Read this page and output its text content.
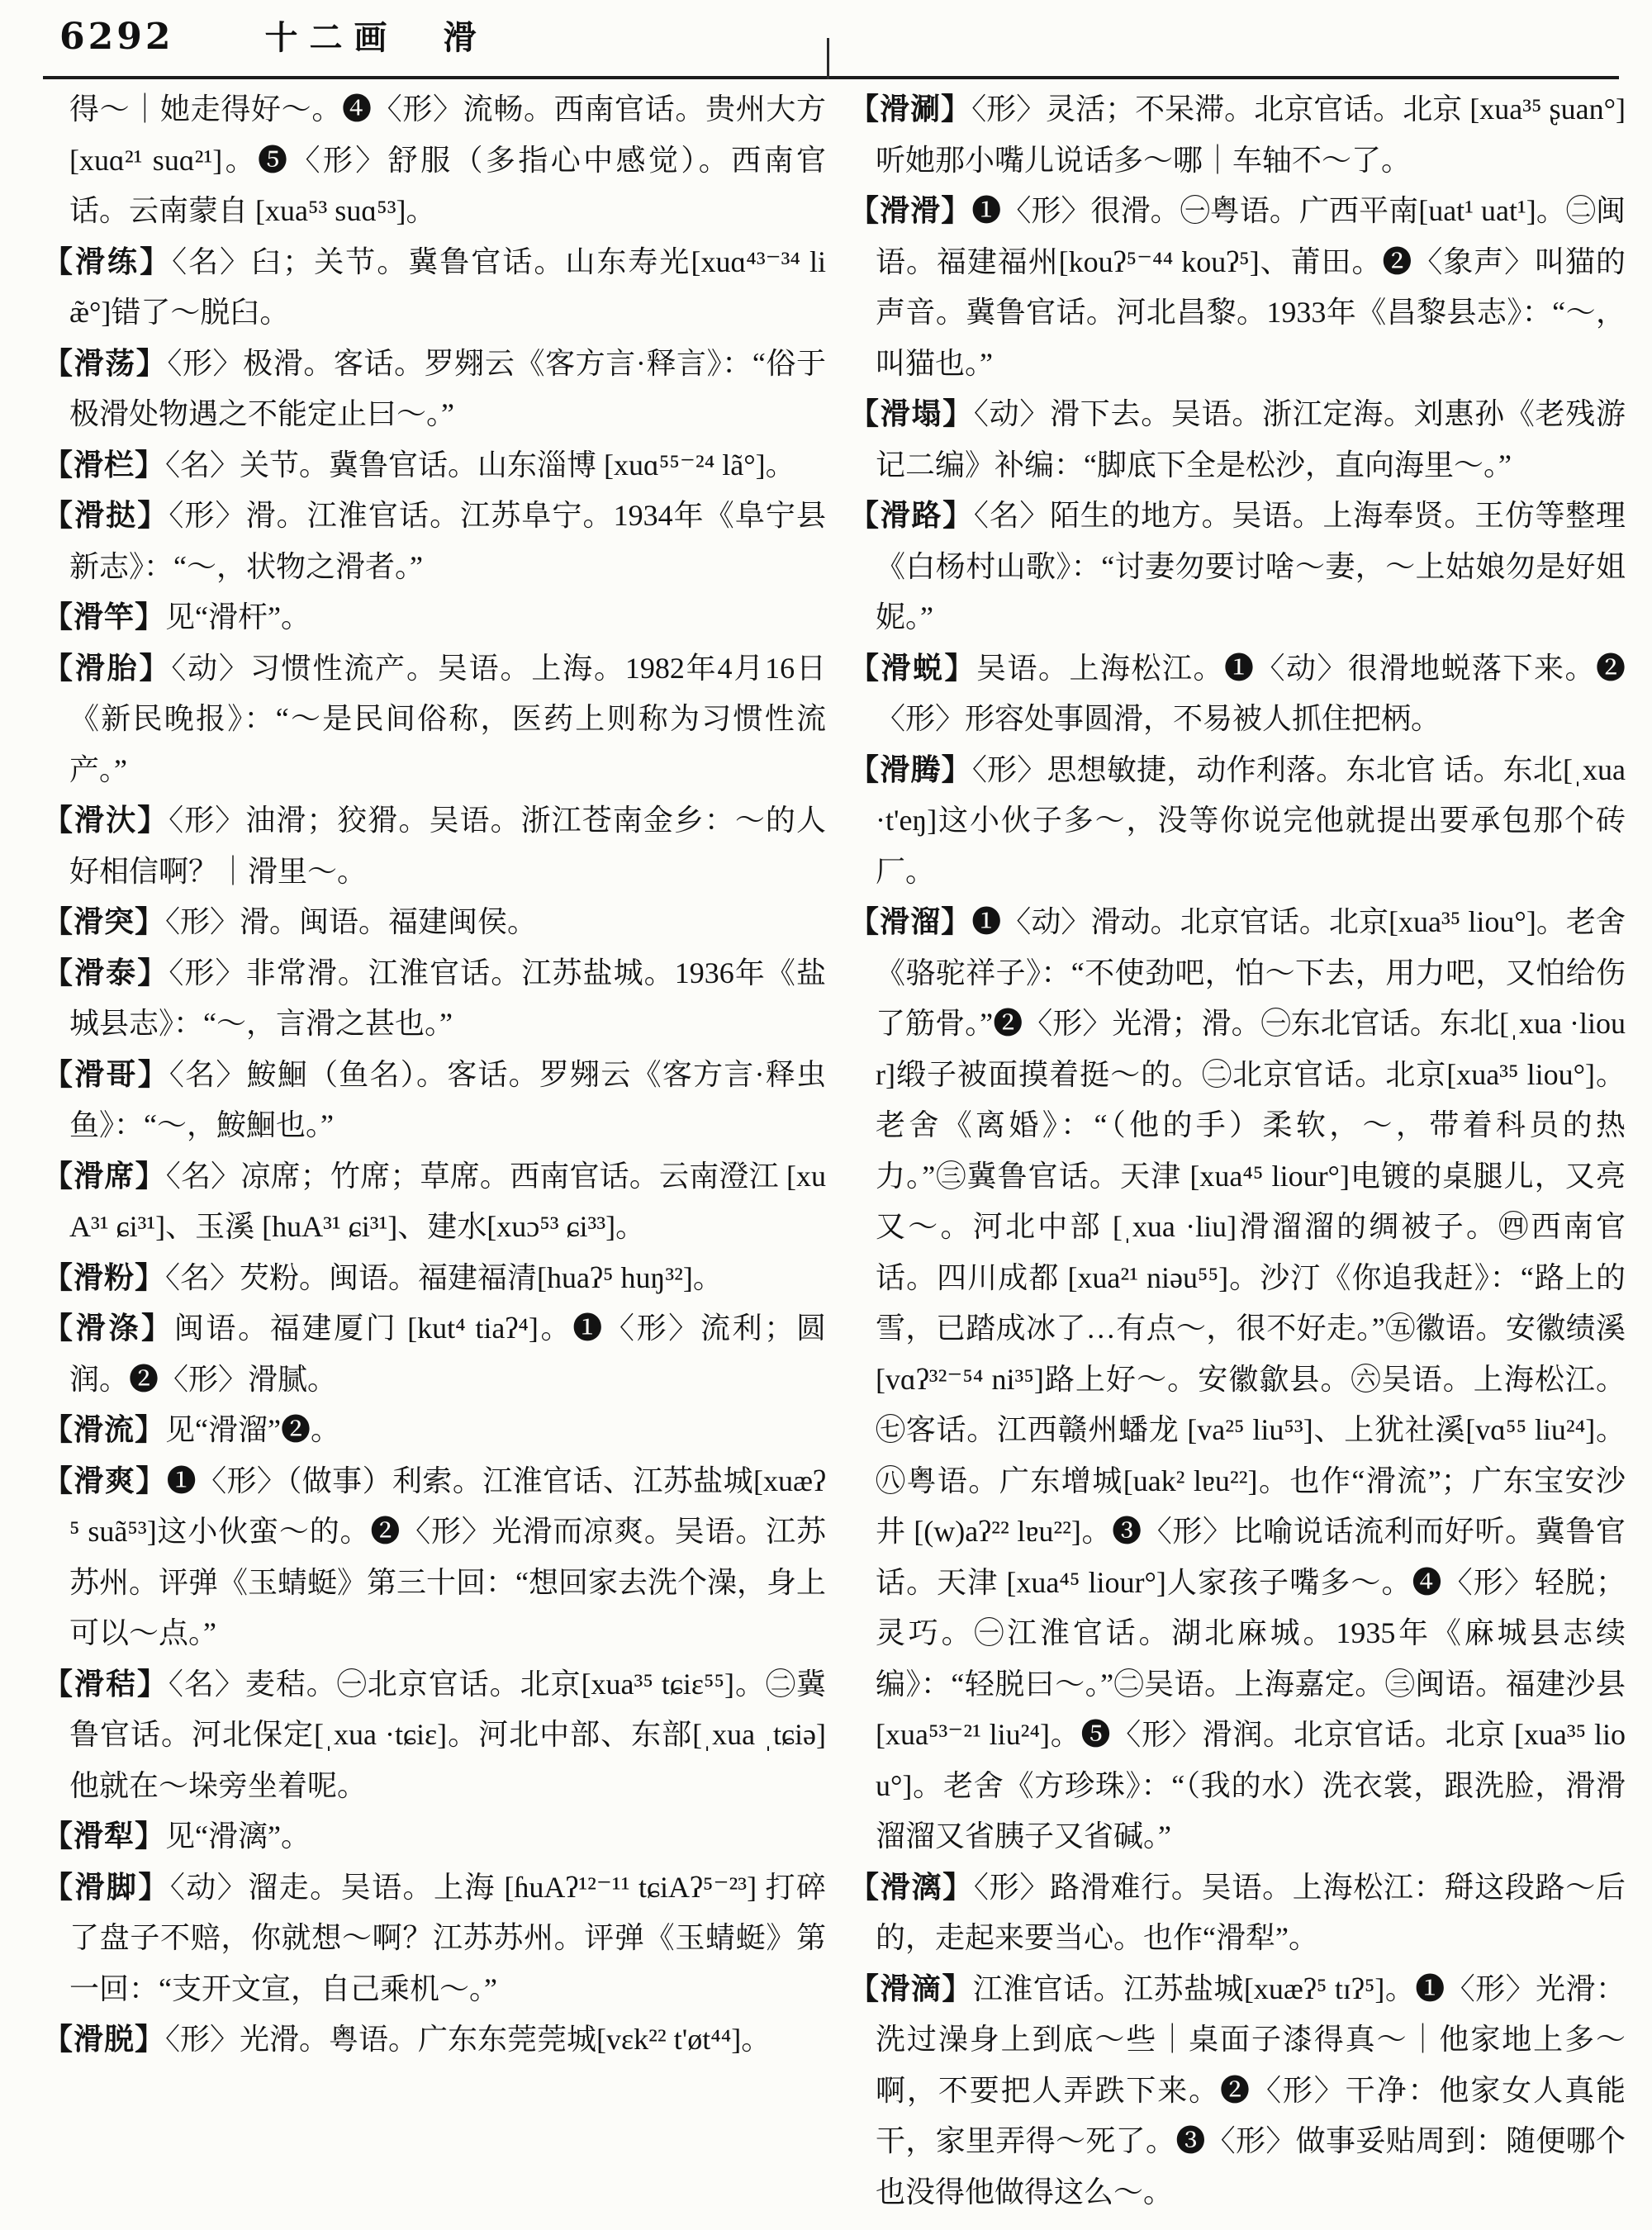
6292	十二画　滑

得～｜她走得好～。❹〈形〉流畅。西南官话。贵州大方[xuɑ²¹ suɑ²¹]。❺〈形〉舒服（多指心中感觉）。西南官话。云南蒙自 [xua⁵³ suɑ⁵³]。

【滑练】〈名〉臼；关节。冀鲁官话。山东寿光[xuɑ⁴³⁻³⁴ liæ̃°]错了～脱臼。

【滑荡】〈形〉极滑。客话。罗翙云《客方言·释言》：“俗于极滑处物遇之不能定止曰～。”

【滑栏】〈名〉关节。冀鲁官话。山东淄博 [xuɑ⁵⁵⁻²⁴ lã°]。

【滑挞】〈形〉滑。江淮官话。江苏阜宁。1934年《阜宁县新志》：“～，状物之滑者。”

【滑竿】见“滑杆”。

【滑胎】〈动〉习惯性流产。吴语。上海。1982年4月16日《新民晚报》：“～是民间俗称，医药上则称为习惯性流产。”

【滑汏】〈形〉油滑；狡猾。吴语。浙江苍南金乡：～的人好相信啊？｜滑里～。

【滑突】〈形〉滑。闽语。福建闽侯。

【滑泰】〈形〉非常滑。江淮官话。江苏盐城。1936年《盐城县志》：“～，言滑之甚也。”

【滑哥】〈名〉鮟鮰（鱼名）。客话。罗翙云《客方言·释虫鱼》：“～，鮟鮰也。”

【滑席】〈名〉凉席；竹席；草席。西南官话。云南澄江 [xuA³¹ ɕi³¹]、玉溪 [huA³¹ ɕi³¹]、建水[xuɔ⁵³ ɕi³³]。

【滑粉】〈名〉芡粉。闽语。福建福清[huaʔ⁵ huŋ³²]。

【滑涤】闽语。福建厦门 [kut⁴ tiaʔ⁴]。❶〈形〉流利；圆润。❷〈形〉滑腻。

【滑流】见“滑溜”❷。

【滑爽】❶〈形〉（做事）利索。江淮官话、江苏盐城[xuæʔ⁵ suã⁵³]这小伙蛮～的。❷〈形〉光滑而凉爽。吴语。江苏苏州。评弹《玉蜻蜓》第三十回：“想回家去洗个澡，身上可以～点。”

【滑秸】〈名〉麦秸。㊀北京官话。北京[xua³⁵ tɕiɛ⁵⁵]。㊁冀鲁官话。河北保定[ˌxua ·tɕiɛ]。河北中部、东部[ˌxua ˌtɕiə]他就在～垛旁坐着呢。

【滑犁】见“滑漓”。

【滑脚】〈动〉溜走。吴语。上海 [ɦuAʔ¹²⁻¹¹ tɕiAʔ⁵⁻²³] 打碎了盘子不赔，你就想～啊？江苏苏州。评弹《玉蜻蜓》第一回：“支开文宣，自己乘机～。”

【滑脱】〈形〉光滑。粤语。广东东莞莞城[vɛk²² t'øt⁴⁴]。

【滑涮】〈形〉灵活；不呆滞。北京官话。北京 [xua³⁵ ʂuan°]听她那小嘴儿说话多～哪｜车轴不～了。

【滑滑】❶〈形〉很滑。㊀粤语。广西平南[uat¹ uat¹]。㊁闽语。福建福州[kouʔ⁵⁻⁴⁴ kouʔ⁵]、莆田。❷〈象声〉叫猫的声音。冀鲁官话。河北昌黎。1933年《昌黎县志》：“～，叫猫也。”

【滑塌】〈动〉滑下去。吴语。浙江定海。刘惠孙《老残游记二编》补编：“脚底下全是松沙，直向海里～。”

【滑路】〈名〉陌生的地方。吴语。上海奉贤。王仿等整理《白杨村山歌》：“讨妻勿要讨啥～妻，～上姑娘勿是好姐妮。”

【滑蜕】吴语。上海松江。❶〈动〉很滑地蜕落下来。❷〈形〉形容处事圆滑，不易被人抓住把柄。

【滑腾】〈形〉思想敏捷，动作利落。东北官 话。东北[ˌxua ·t'eŋ]这小伙子多～，没等你说完他就提出要承包那个砖厂。

【滑溜】❶〈动〉滑动。北京官话。北京[xua³⁵ liou°]。老舍《骆驼祥子》：“不使劲吧，怕～下去，用力吧，又怕给伤了筋骨。”❷〈形〉光滑；滑。㊀东北官话。东北[ˌxua ·liour]缎子被面摸着挺～的。㊁北京官话。北京[xua³⁵ liou°]。老舍《离婚》：“（他的手）柔软，～，带着科员的热力。”㊂冀鲁官话。天津 [xua⁴⁵ liour°]电镀的桌腿儿，又亮又～。河北中部 [ˌxua ·liu]滑溜溜的绸被子。㊃西南官话。四川成都 [xua²¹ niəu⁵⁵]。沙汀《你追我赶》：“路上的雪，已踏成冰了…有点～，很不好走。”㊄徽语。安徽绩溪 [vɑʔ³²⁻⁵⁴ ni³⁵]路上好～。安徽歙县。㊅吴语。上海松江。㊆客话。江西赣州蟠龙 [va²⁵ liu⁵³]、上犹社溪[vɑ⁵⁵ liu²⁴]。㊇粤语。广东增城[uak² lɐu²²]。也作“滑流”；广东宝安沙井 [(w)aʔ²² lɐu²²]。❸〈形〉比喻说话流利而好听。冀鲁官话。天津 [xua⁴⁵ liour°]人家孩子嘴多～。❹〈形〉轻脱；灵巧。㊀江淮官话。湖北麻城。1935年《麻城县志续编》：“轻脱曰～。”㊁吴语。上海嘉定。㊂闽语。福建沙县[xua⁵³⁻²¹ liu²⁴]。❺〈形〉滑润。北京官话。北京 [xua³⁵ liou°]。老舍《方珍珠》：“（我的水）洗衣裳，跟洗脸，滑滑溜溜又省胰子又省碱。”

【滑漓】〈形〉路滑难行。吴语。上海松江：搿这段路～后的，走起来要当心。也作“滑犁”。

【滑滴】江淮官话。江苏盐城[xuæʔ⁵ tɪʔ⁵]。❶〈形〉光滑：洗过澡身上到底～些｜桌面子漆得真～｜他家地上多～啊，不要把人弄跌下来。❷〈形〉干净：他家女人真能干，家里弄得～死了。❸〈形〉做事妥贴周到：随便哪个也没得他做得这么～。
